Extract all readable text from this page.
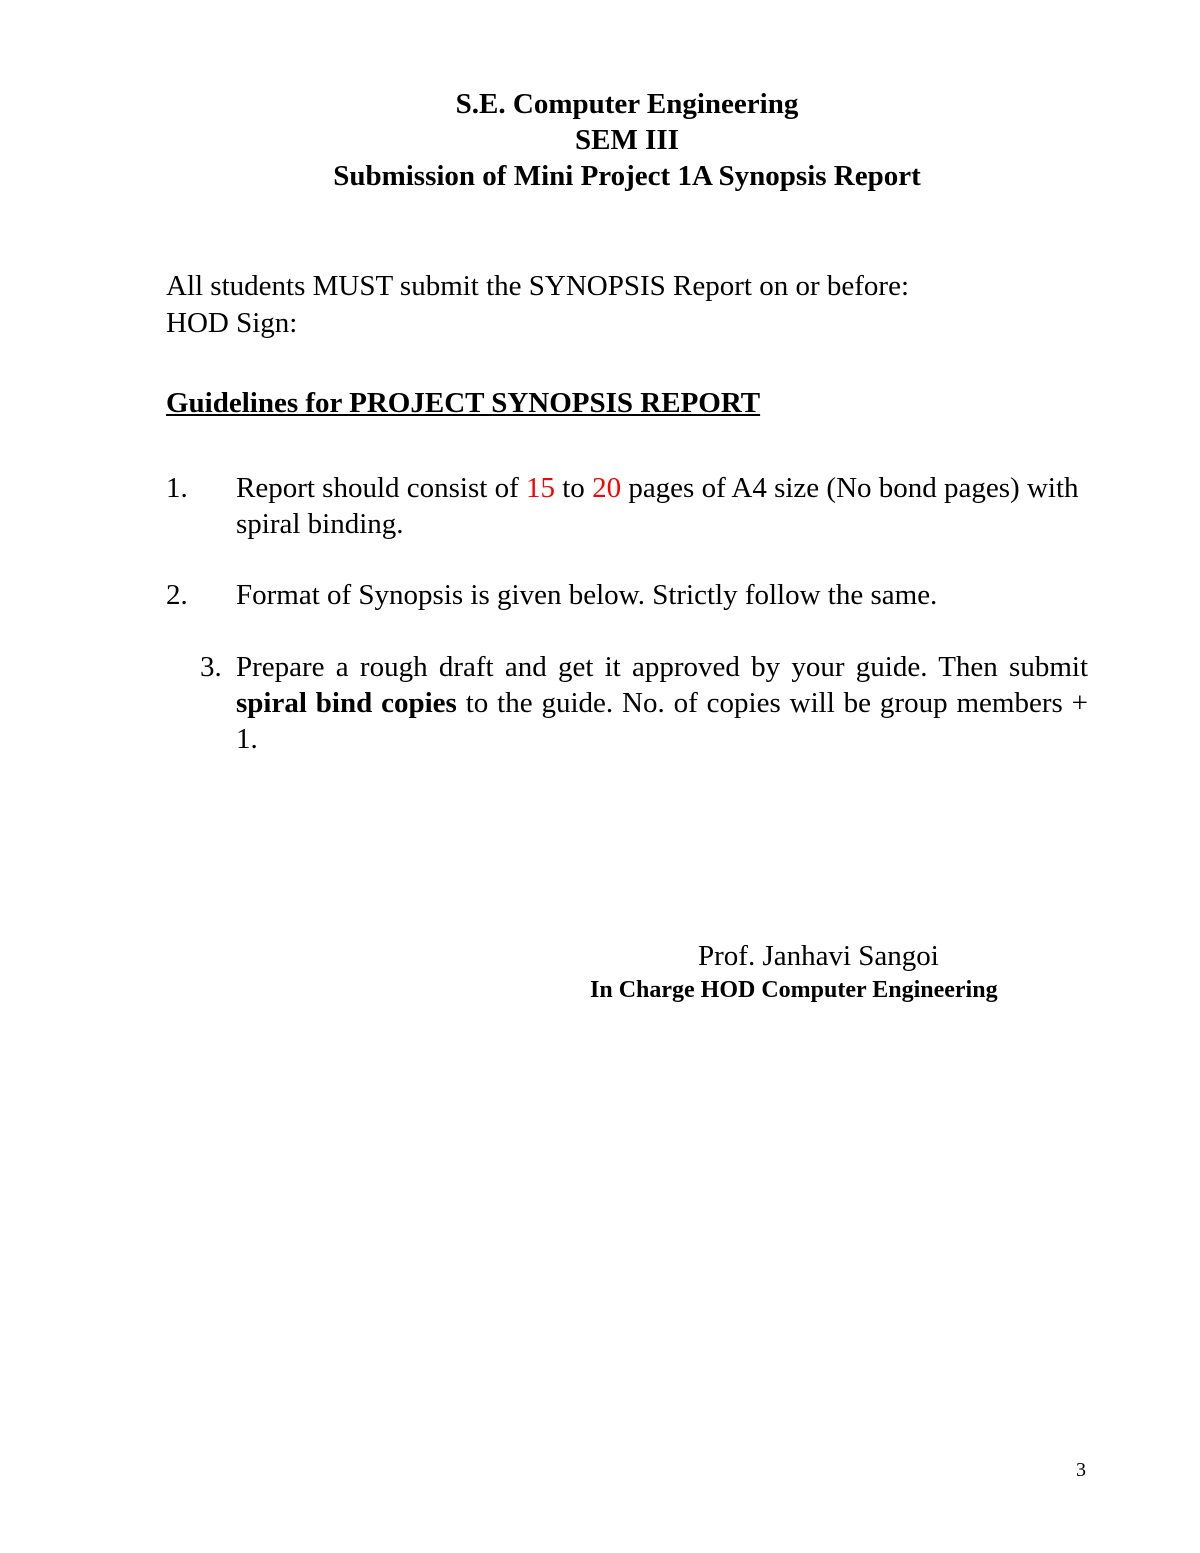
S.E. Computer Engineering
SEM III
Submission of Mini Project 1A Synopsis Report
All students MUST submit the SYNOPSIS Report on or before:
HOD Sign:
Guidelines for PROJECT SYNOPSIS REPORT
1. Report should consist of 15 to 20 pages of A4 size (No bond pages) with spiral binding.
2. Format of Synopsis is given below. Strictly follow the same.
3. Prepare a rough draft and get it approved by your guide. Then submit spiral bind copies to the guide. No. of copies will be group members + 1.
Prof. Janhavi Sangoi
In Charge HOD Computer Engineering
3
